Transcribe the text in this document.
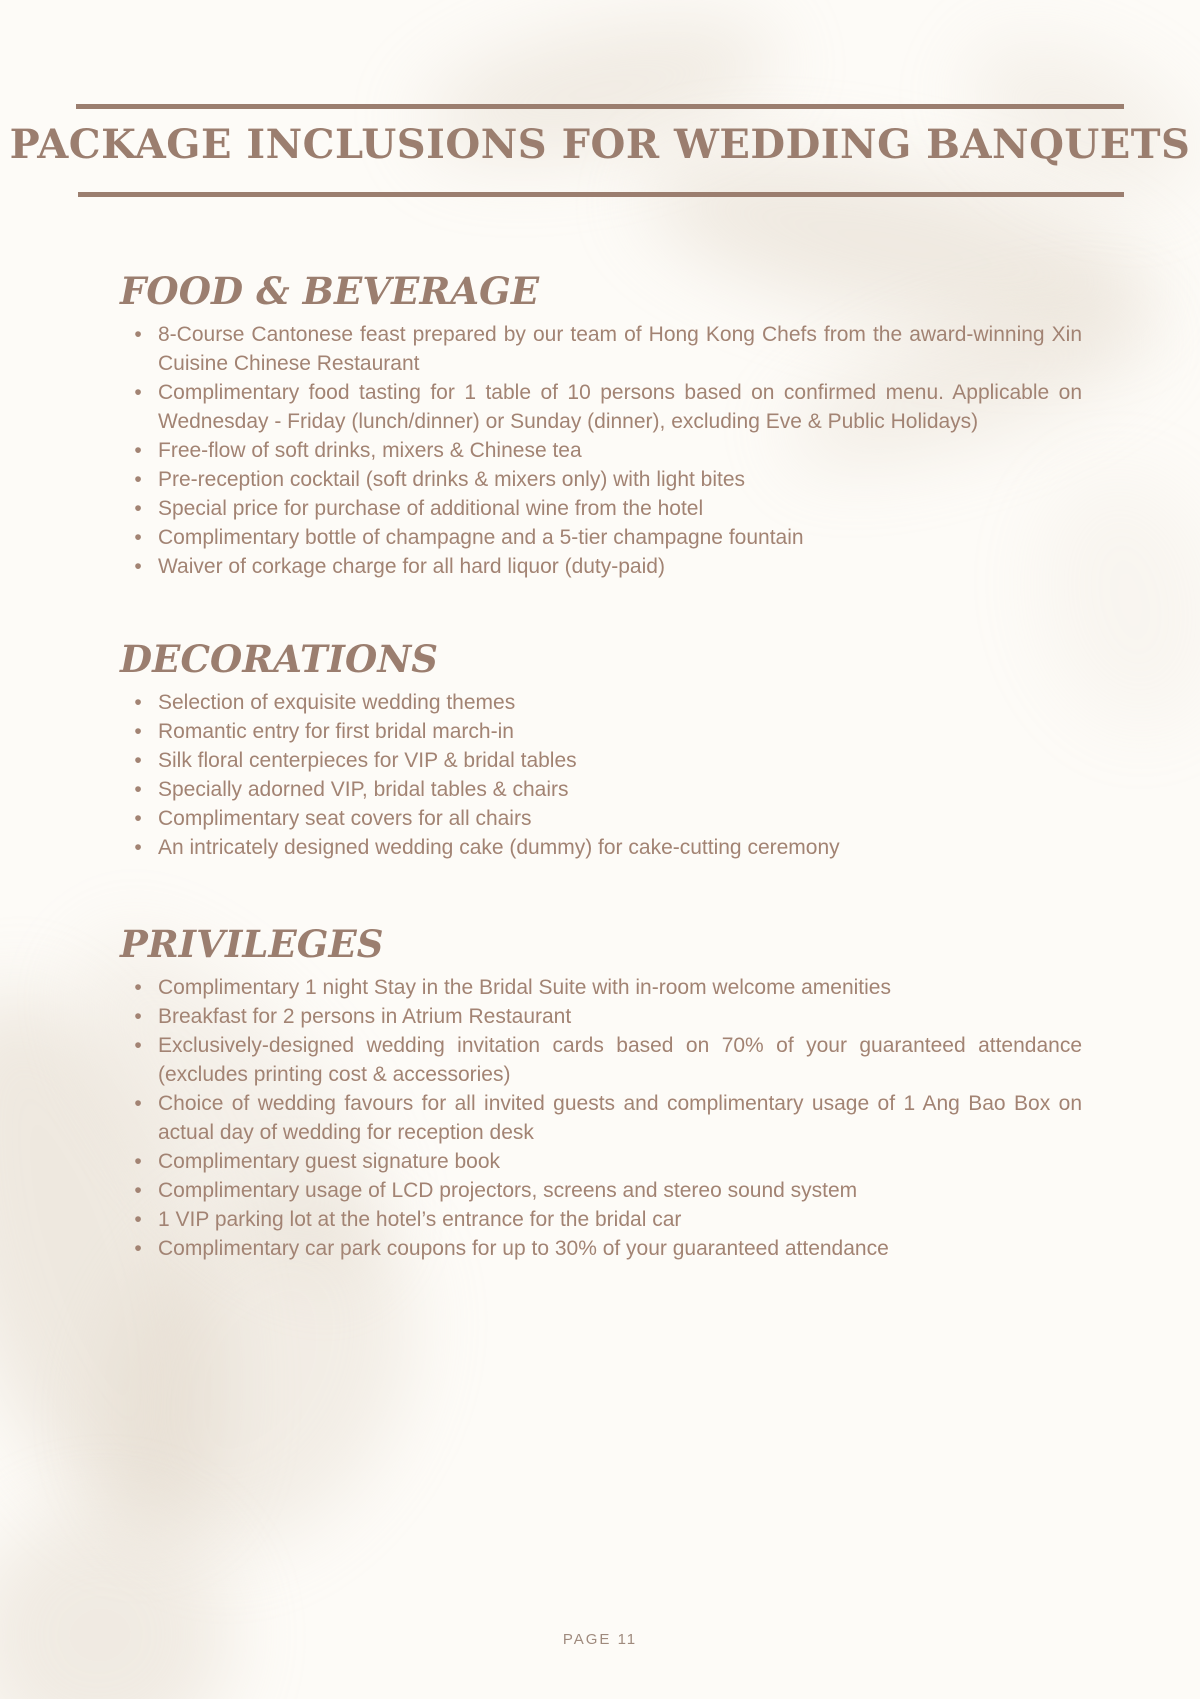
PACKAGE INCLUSIONS FOR WEDDING BANQUETS
FOOD & BEVERAGE
• 8-Course Cantonese feast prepared by our team of Hong Kong Chefs from the award-winning Xin Cuisine Chinese Restaurant
• Complimentary food tasting for 1 table of 10 persons based on confirmed menu. Applicable on Wednesday - Friday (lunch/dinner) or Sunday (dinner), excluding Eve & Public Holidays)
• Free-flow of soft drinks, mixers & Chinese tea
• Pre-reception cocktail (soft drinks & mixers only) with light bites
• Special price for purchase of additional wine from the hotel
• Complimentary bottle of champagne and a 5-tier champagne fountain
• Waiver of corkage charge for all hard liquor (duty-paid)
DECORATIONS
• Selection of exquisite wedding themes
• Romantic entry for first bridal march-in
• Silk floral centerpieces for VIP & bridal tables
• Specially adorned VIP, bridal tables & chairs
• Complimentary seat covers for all chairs
• An intricately designed wedding cake (dummy) for cake-cutting ceremony
PRIVILEGES
• Complimentary 1 night Stay in the Bridal Suite with in-room welcome amenities
• Breakfast for 2 persons in Atrium Restaurant
• Exclusively-designed wedding invitation cards based on 70% of your guaranteed attendance (excludes printing cost & accessories)
• Choice of wedding favours for all invited guests and complimentary usage of 1 Ang Bao Box on actual day of wedding for reception desk
• Complimentary guest signature book
• Complimentary usage of LCD projectors, screens and stereo sound system
• 1 VIP parking lot at the hotel’s entrance for the bridal car
• Complimentary car park coupons for up to 30% of your guaranteed attendance
PAGE 11
